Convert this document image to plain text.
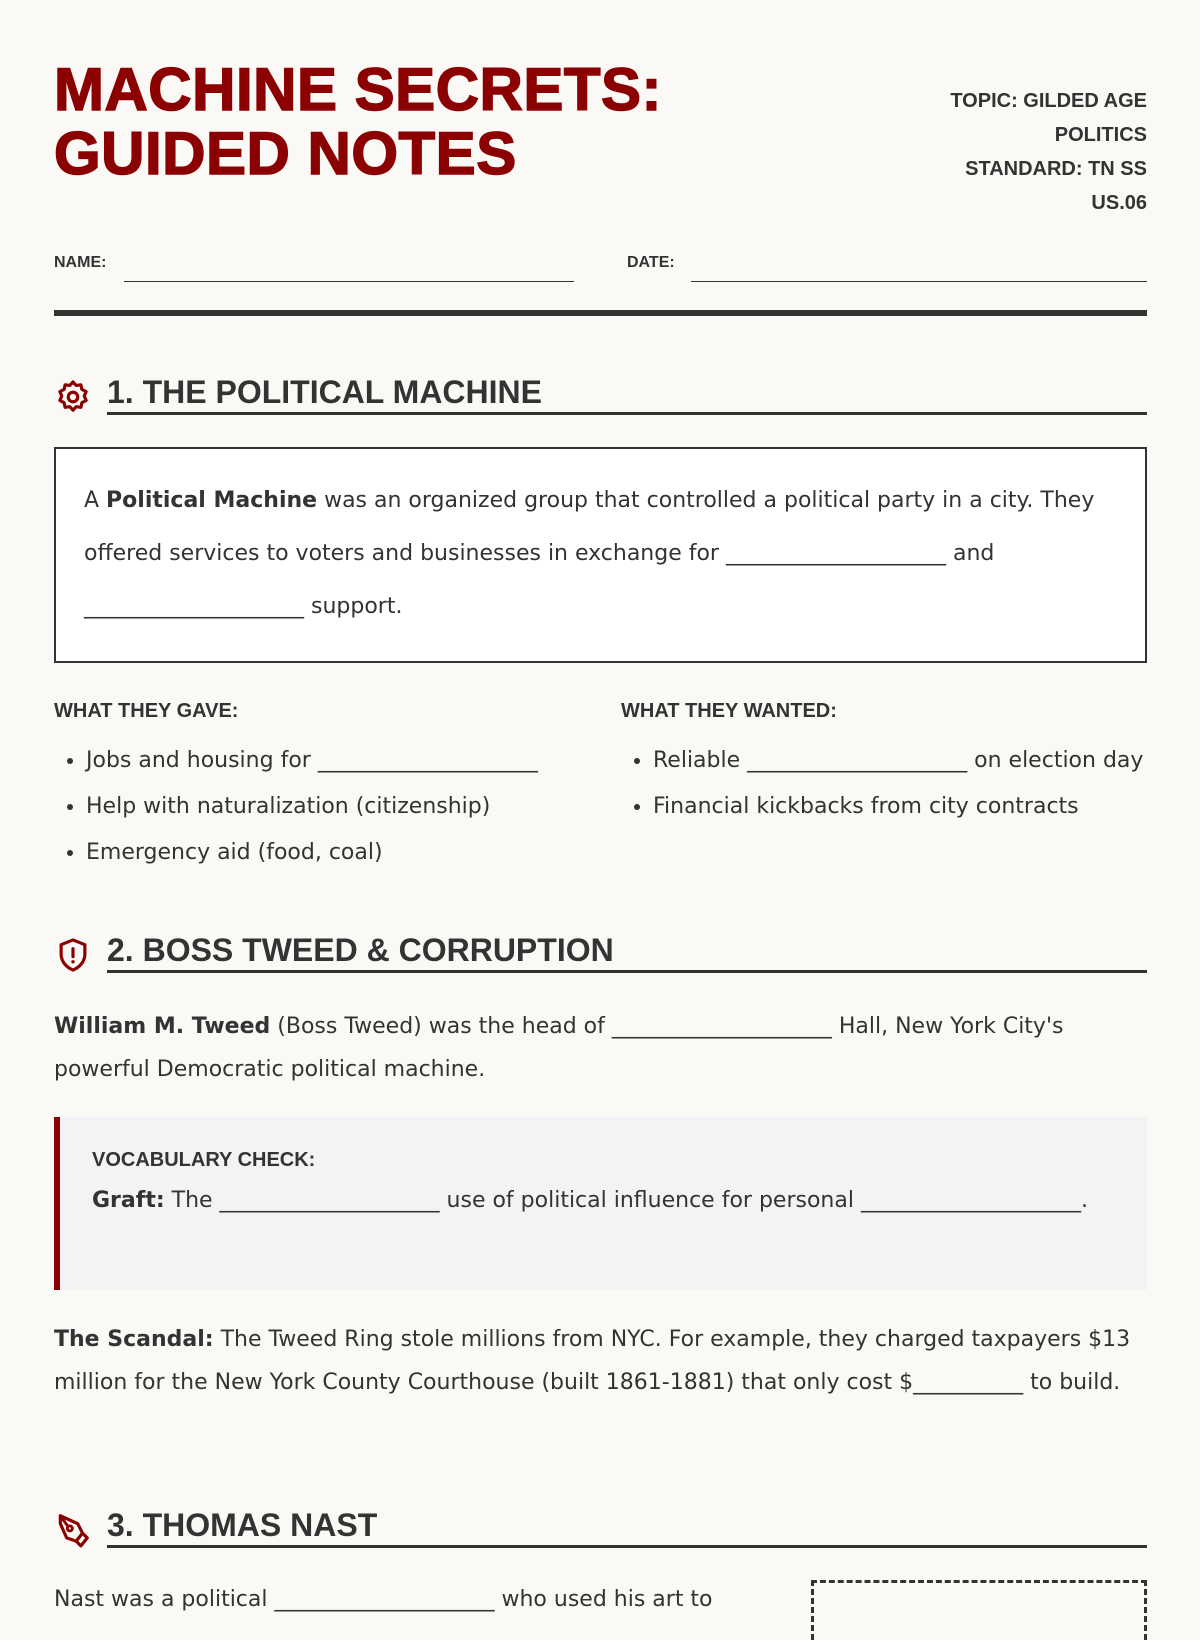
MACHINE SECRETS:
GUIDED NOTES
TOPIC: GILDED AGE POLITICS
STANDARD: TN SS US.06
NAME:	DATE:
1. THE POLITICAL MACHINE
A Political Machine was an organized group that controlled a political party in a city. They offered services to voters and businesses in exchange for ____________________ and ____________________ support.
WHAT THEY GAVE:
• Jobs and housing for ____________________
• Help with naturalization (citizenship)
• Emergency aid (food, coal)
WHAT THEY WANTED:
• Reliable ____________________ on election day
• Financial kickbacks from city contracts
2. BOSS TWEED & CORRUPTION
William M. Tweed (Boss Tweed) was the head of ____________________ Hall, New York City's powerful Democratic political machine.
VOCABULARY CHECK:
Graft: The ____________________ use of political influence for personal ____________________.
The Scandal: The Tweed Ring stole millions from NYC. For example, they charged taxpayers $13 million for the New York County Courthouse (built 1861-1881) that only cost $__________ to build.
3. THOMAS NAST
Nast was a political ____________________ who used his art to
